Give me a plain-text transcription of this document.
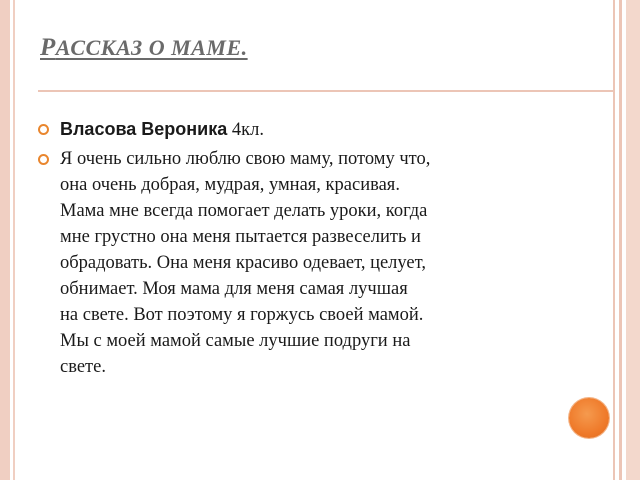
РАССКАЗ О МАМЕ.
Власова Вероника 4кл.
Я очень сильно люблю свою маму, потому что,
она очень добрая, мудрая, умная, красивая.
Мама мне всегда помогает делать уроки, когда
мне грустно она меня пытается развеселить и
обрадовать. Она меня красиво одевает, целует,
обнимает. Моя мама для меня самая лучшая
на свете. Вот поэтому я горжусь своей мамой.
Мы с моей мамой самые лучшие подруги на
свете.
